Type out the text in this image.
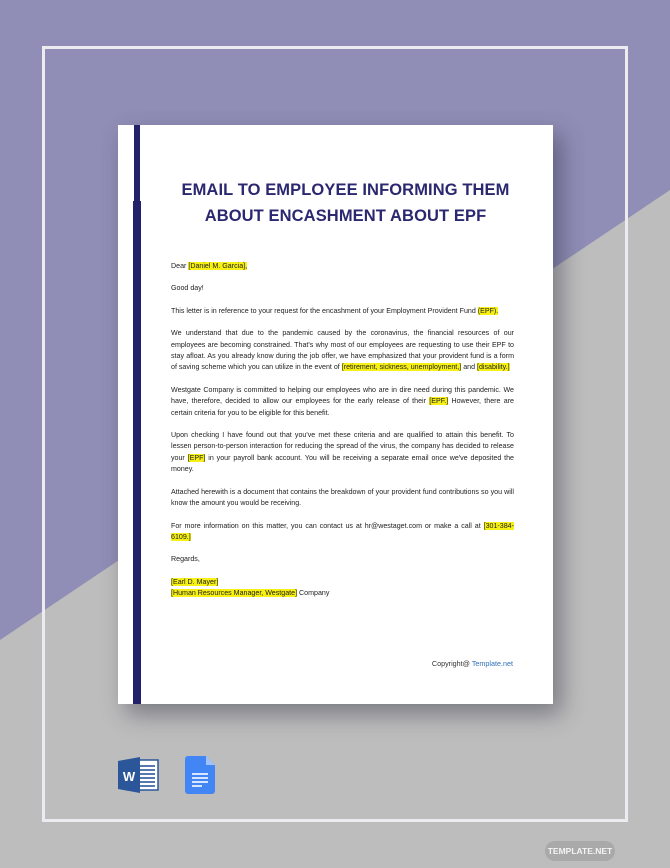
EMAIL TO EMPLOYEE INFORMING THEM
ABOUT ENCASHMENT ABOUT EPF

Dear [Daniel M. Garcia],

Good day!

This letter is in reference to your request for the encashment of your Employment Provident Fund (EPF).

We understand that due to the pandemic caused by the coronavirus, the financial resources of our employees are becoming constrained. That's why most of our employees are requesting to use their EPF to stay afloat. As you already know during the job offer, we have emphasized that your provident fund is a form of saving scheme which you can utilize in the event of [retirement, sickness, unemployment,] and [disability.]

Westgate Company is committed to helping our employees who are in dire need during this pandemic. We have, therefore, decided to allow our employees for the early release of their [EPF.] However, there are certain criteria for you to be eligible for this benefit.

Upon checking I have found out that you've met these criteria and are qualified to attain this benefit. To lessen person-to-person interaction for reducing the spread of the virus, the company has decided to release your [EPF] in your payroll bank account. You will be receiving a separate email once we've deposited the money.

Attached herewith is a document that contains the breakdown of your provident fund contributions so you will know the amount you would be receiving.

For more information on this matter, you can contact us at hr@westaget.com or make a call at [301-384-6109.]

Regards,

[Earl D. Mayer]
[Human Resources Manager, Westgate] Company

Copyright@ Template.net
W
TEMPLATE.NET
